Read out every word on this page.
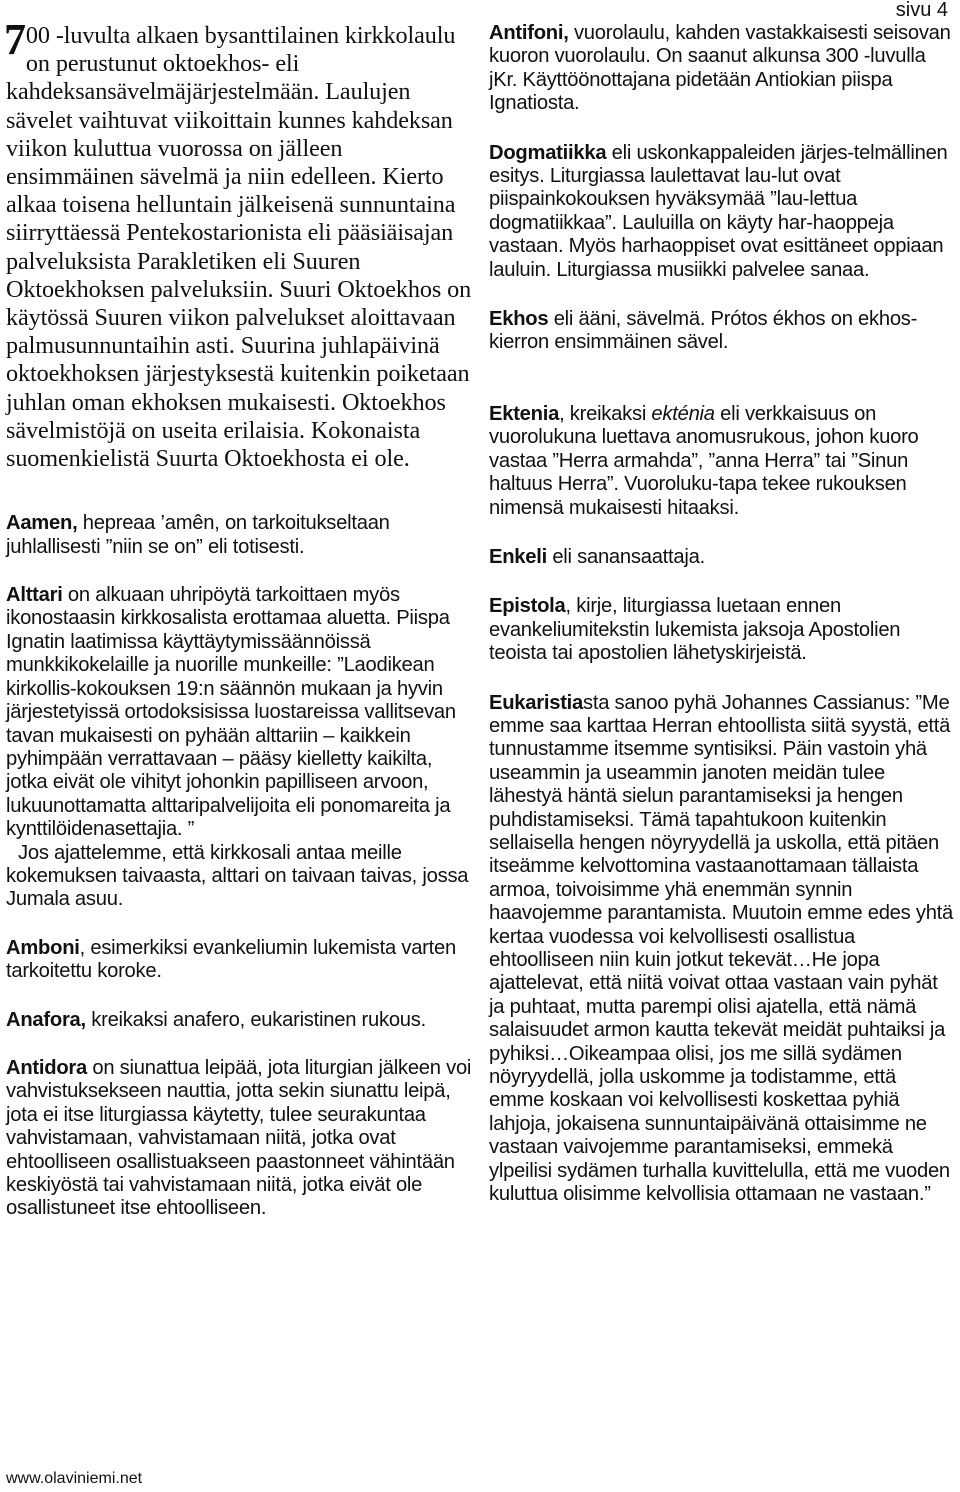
sivu 4
7 00 -luvulta alkaen bysanttilainen kirkkolaulu on perustunut oktoekhos- eli kahdeksansävelmäjärjestelmään. Laulujen sävelet vaihtuvat viikoittain kunnes kahdeksan viikon kuluttua vuorossa on jälleen ensimmäinen sävelmä ja niin edelleen. Kierto alkaa toisena helluntain jälkeisenä sunnuntaina siirryttäessä Pentekostarionista eli pääsiäisajan palveluksista Parakletiken eli Suuren Oktoekhoksen palveluksiin. Suuri Oktoekhos on käytössä Suuren viikon palvelukset aloittavaan palmusunnuntaihin asti. Suurina juhlapäivinä oktoekhoksen järjestyksestä kuitenkin poiketaan juhlan oman ekhoksen mukaisesti. Oktoekhos sävelmistöjä on useita erilaisia. Kokonaista suomenkielistä Suurta Oktoekhosta ei ole.

Aamen, hepreaa ’amên, on tarkoitukseltaan juhlallisesti ”niin se on” eli totisesti.

Alttari on alkuaan uhripöytä tarkoittaen myös ikonostaasin kirkkosalista erottamaa aluetta. Piispa Ignatin laatimissa käyttäytymissäännöissä munkkikokelaille ja nuorille munkeille: ”Laodikean kirkollis-kokouksen 19:n säännön mukaan ja hyvin järjestetyissä ortodoksisissa luostareissa vallitsevan tavan mukaisesti on pyhään alttariin – kaikkein pyhimpään verrattavaan – pääsy kielletty kaikilta, jotka eivät ole vihityt johonkin papilliseen arvoon, lukuunottamatta alttaripalvelijoita eli ponomareita ja kynttilöidenasettajia. ”

Jos ajattelemme, että kirkkosali antaa meille kokemuksen taivaasta, alttari on taivaan taivas, jossa Jumala asuu.

Amboni, esimerkiksi evankeliumin lukemista varten tarkoitettu koroke.

Anafora, kreikaksi anafero, eukaristinen rukous.

Antidora on siunattua leipää, jota liturgian jälkeen voi vahvistuksekseen nauttia, jotta sekin siunattu leipä, jota ei itse liturgiassa käytetty, tulee seurakuntaa vahvistamaan, vahvistamaan niitä, jotka ovat ehtoolliseen osallistuakseen paastonneet vähintään keskiyöstä tai vahvistamaan niitä, jotka eivät ole osallistuneet itse ehtoolliseen.

Antifoni, vuorolaulu, kahden vastakkaisesti seisovan kuoron vuorolaulu. On saanut alkunsa 300 -luvulla jKr. Käyttöönottajana pidetään Antiokian piispa Ignatiosta.

Dogmatiikka eli uskonkappaleiden järjes-telmällinen esitys. Liturgiassa laulettavat lau-lut ovat piispainkokouksen hyväksymää ”lau-lettua dogmatiikkaa”. Lauluilla on käyty har-haoppeja vastaan. Myös harhaoppiset ovat esittäneet oppiaan lauluin. Liturgiassa musiikki palvelee sanaa.

Ekhos eli ääni, sävelmä. Prótos ékhos on ekhos-kierron ensimmäinen sävel.

Ektenia, kreikaksi ekténia eli verkkaisuus on vuorolukuna luettava anomusrukous, johon kuoro vastaa ”Herra armahda”, ”anna Herra” tai ”Sinun haltuus Herra”. Vuoroluku-tapa tekee rukouksen nimensä mukaisesti hitaaksi.

Enkeli eli sanansaattaja.

Epistola, kirje, liturgiassa luetaan ennen evankeliumitekstin lukemista jaksoja Apostolien teoista tai apostolien lähetyskirjeistä.

Eukaristiasta sanoo pyhä Johannes Cassianus: ”Me emme saa karttaa Herran ehtoollista siitä syystä, että tunnustamme itsemme syntisiksi. Päin vastoin yhä useammin ja useammin janoten meidän tulee lähestyä häntä sielun parantamiseksi ja hengen puhdistamiseksi. Tämä tapahtukoon kuitenkin sellaisella hengen nöyryydellä ja uskolla, että pitäen itseämme kelvottomina vastaanottamaan tällaista armoa, toivoisimme yhä enemmän synnin haavojemme parantamista. Muutoin emme edes yhtä kertaa vuodessa voi kelvollisesti osallistua ehtoolliseen niin kuin jotkut tekevät…He jopa ajattelevat, että niitä voivat ottaa vastaan vain pyhät ja puhtaat, mutta parempi olisi ajatella, että nämä salaisuudet armon kautta tekevät meidät puhtaiksi ja pyhiksi…Oikeampaa olisi, jos me sillä sydämen nöyryydellä, jolla uskomme ja todistamme, että emme koskaan voi kelvollisesti koskettaa pyhiä lahjoja, jokaisena sunnuntaipäivänä ottaisimme ne vastaan vaivojemme parantamiseksi, emmekä ylpeilisi sydämen turhalla kuvittelulla, että me vuoden kuluttua olisimme kelvollisia ottamaan ne vastaan.”

www.olaviniemi.net
